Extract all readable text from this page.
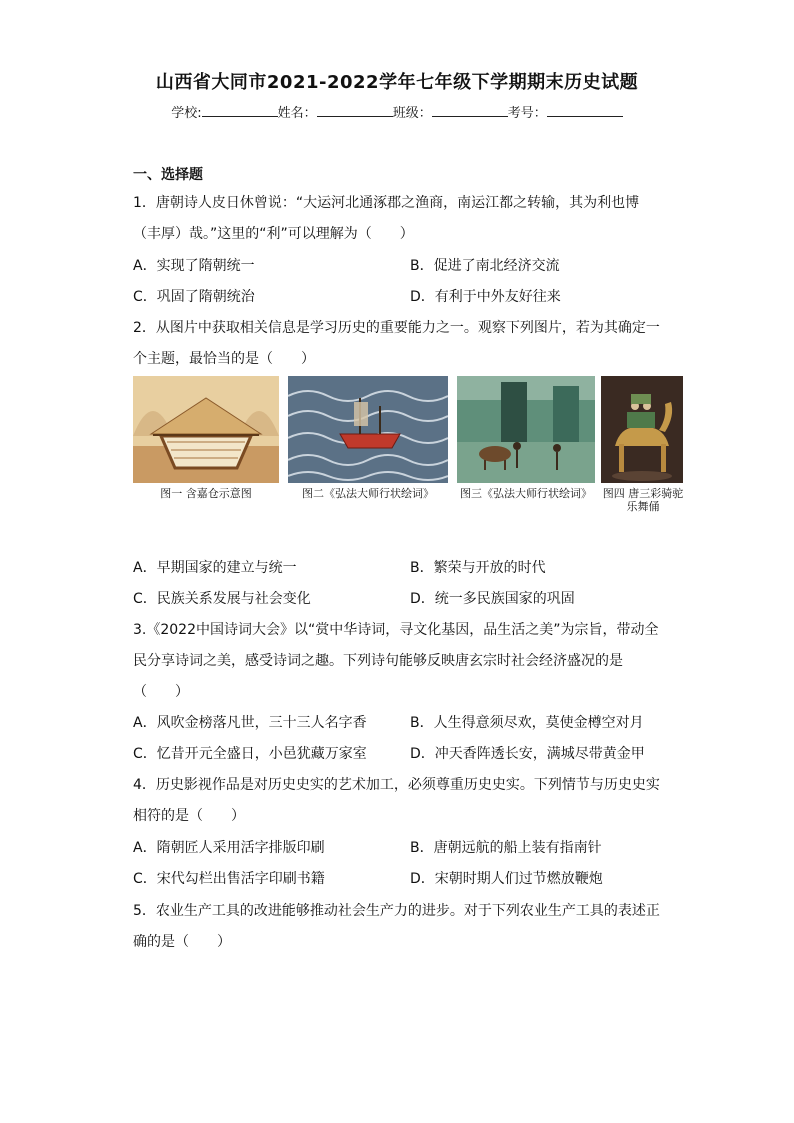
山西省大同市2021-2022学年七年级下学期期末历史试题
学校:	姓名：	班级：	考号：
一、选择题
1．唐朝诗人皮日休曾说：“大运河北通涿郡之渔商，南运江都之转输，其为利也博
（丰厚）哉。”这里的“利”可以理解为（　　）
A．实现了隋朝统一	B．促进了南北经济交流
C．巩固了隋朝统治	D．有利于中外友好往来
2．从图片中获取相关信息是学习历史的重要能力之一。观察下列图片，若为其确定一
个主题，最恰当的是（　　）
图一 含嘉仓示意图	图二《弘法大师行状绘词》	图三《弘法大师行状绘词》 图四 唐三彩骑驼
乐舞俑
A．早期国家的建立与统一	B．繁荣与开放的时代
C．民族关系发展与社会变化	D．统一多民族国家的巩固
3.《2022中国诗词大会》以“赏中华诗词，寻文化基因，品生活之美”为宗旨，带动全
民分享诗词之美，感受诗词之趣。下列诗句能够反映唐玄宗时社会经济盛况的是
（　　）
A．风吹金榜落凡世，三十三人名字香	B．人生得意须尽欢，莫使金樽空对月
C．忆昔开元全盛日，小邑犹藏万家室	D．冲天香阵透长安，满城尽带黄金甲
4．历史影视作品是对历史史实的艺术加工，必须尊重历史史实。下列情节与历史史实
相符的是（　　）
A．隋朝匠人采用活字排版印刷	B．唐朝远航的船上装有指南针
C．宋代勾栏出售活字印刷书籍	D．宋朝时期人们过节燃放鞭炮
5．农业生产工具的改进能够推动社会生产力的进步。对于下列农业生产工具的表述正
确的是（　　）
